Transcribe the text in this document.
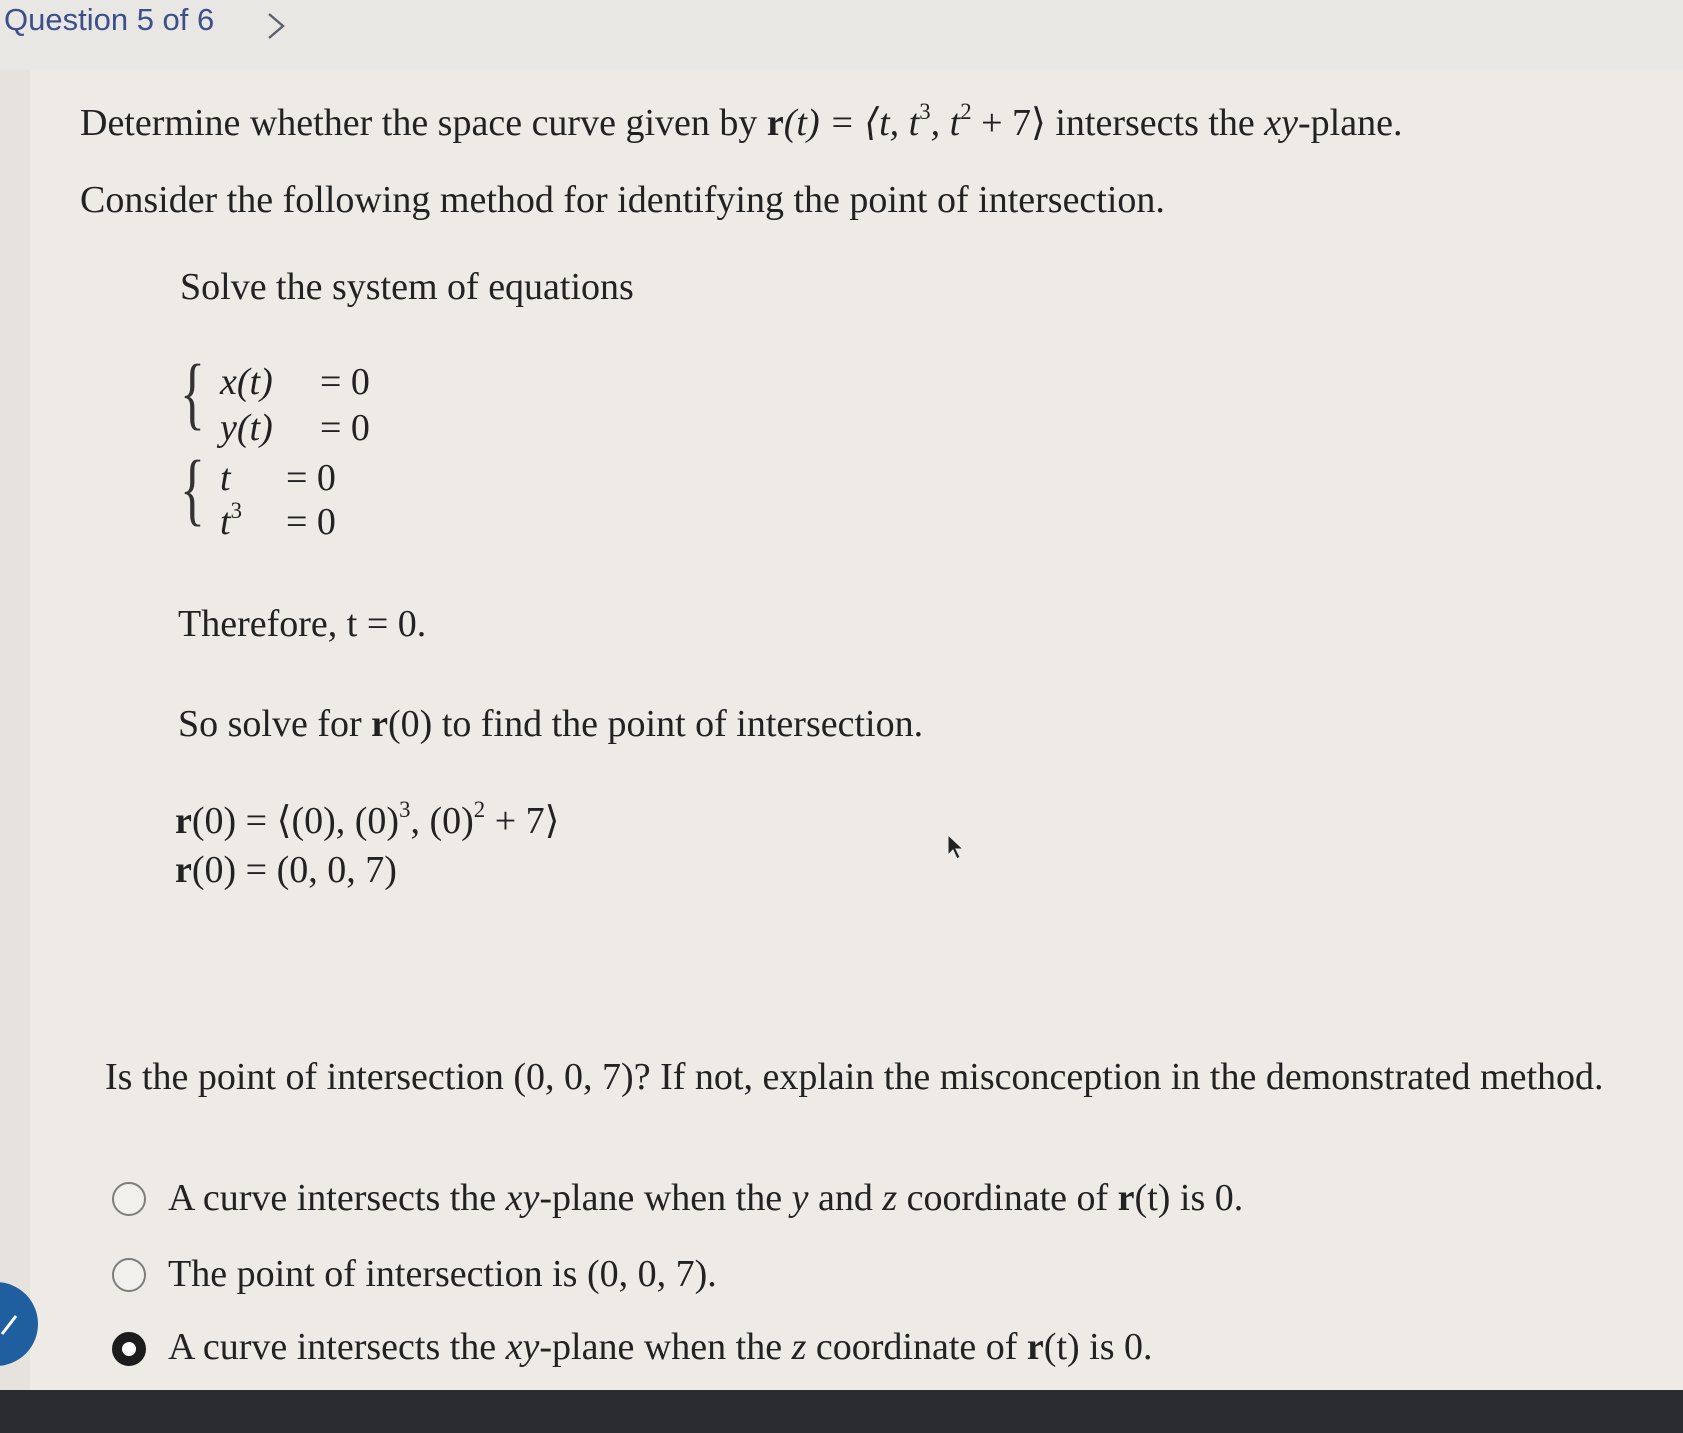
Question 5 of 6
Determine whether the space curve given by r(t) = ⟨t, $t^3$, $t^2$ + 7⟩ intersects the xy-plane.
Consider the following method for identifying the point of intersection.
Solve the system of equations
{ x(t) = 0
y(t) = 0
{ t = 0
$t^3 = 0$
Therefore, t = 0.
So solve for r(0) to find the point of intersection.
r(0) = ⟨(0), $(0)^3$, $(0)^2$ + 7⟩
r(0) = (0, 0, 7)
Is the point of intersection (0, 0, 7)? If not, explain the misconception in the demonstrated method.
A curve intersects the xy-plane when the y and z coordinate of r(t) is 0.
The point of intersection is (0, 0, 7).
A curve intersects the xy-plane when the z coordinate of r(t) is 0.
